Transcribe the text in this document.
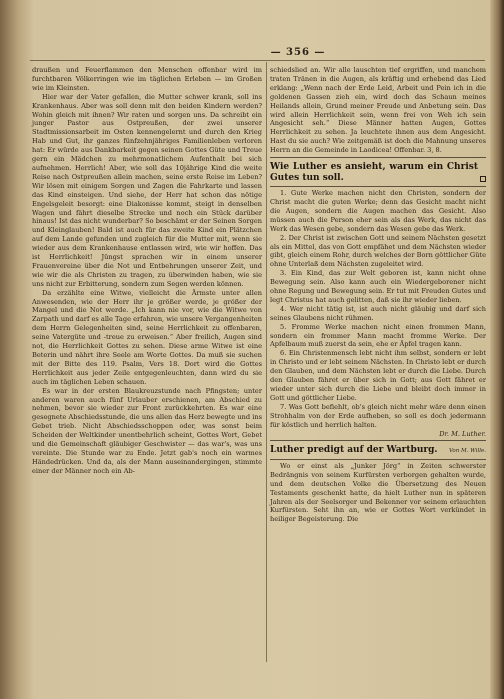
— 356 —

draußen und Feuerflammen den Menschen offenbar wird im furchtbaren Völkerringen wie im täglichen Erleben — im Großen wie im Kleinsten.

Hier war der Vater gefallen, die Mutter schwer krank, soll ins Krankenhaus. Aber was soll denn mit den beiden Kindern werden? Wohin gleich mit ihnen? Wir raten und sorgen uns. Da schreibt ein junger Pastor aus Ostpreußen, der zwei unserer Stadtmissionsarbeit im Osten kennengelernt und durch den Krieg Hab und Gut, ihr ganzes fünfzehnjähriges Familienleben verloren hat: Er würde aus Dankbarkeit gegen seinen Gottes Güte und Treue gern ein Mädchen zu mehrmonatlichem Aufenthalt bei sich aufnehmen. Herrlich! Aber, wie soll das 10jährige Kind die weite Reise nach Ostpreußen allein machen, seine erste Reise im Leben? Wir lösen mit einigem Sorgen und Zagen die Fahrkarte und lassen das Kind einsteigen. Und siehe, der Herr hat schon das nötige Engelsgeleit besorgt: eine Diakonisse kommt, steigt in denselben Wagen und fährt dieselbe Strecke und noch ein Stück darüber hinaus! Ist das nicht wunderbar? So beschämt er der Seinen Sorgen und Kleinglauben! Bald ist auch für das zweite Kind ein Plätzchen auf dem Lande gefunden und zugleich für die Mutter mit, wenn sie wieder aus dem Krankenhause entlassen wird, wie wir hoffen. Das ist Herrlichkeit! Jüngst sprachen wir in einem unserer Frauenvereine über die Not und Entbehrungen unserer Zeit, und wie wir die als Christen zu tragen, zu überwinden haben, wie sie uns nicht zur Erbitterung, sondern zum Segen werden können.

Da erzählte eine Witwe, vielleicht die Ärmste unter allen Anwesenden, wie der Herr ihr je größer werde, je größer der Mangel und die Not werde. „Ich kann nie vor, wie die Witwe von Zarpath und darf es alle Tage erfahren, wie unsere Vergangenheiten dem Herrn Gelegenheiten sind, seine Herrlichkeit zu offenbaren, seine Vatergüte und -treue zu erweisen.“ Aber freilich, Augen sind not, die Herrlichkeit Gottes zu sehen. Diese arme Witwe ist eine Beterin und nährt ihre Seele am Worte Gottes. Da muß sie suchen mit der Bitte des 119. Psalm, Vers 18. Dort wird die Gottes Herrlichkeit aus jeder Zeile entgegenleuchten, dann wird du sie auch im täglichen Leben schauen.

Es war in der ersten Blaukreuzstunde nach Pfingsten; unter anderen waren auch fünf Urlauber erschienen, am Abschied zu nehmen, bevor sie wieder zur Front zurückkehrten. Es war eine gesegnete Abschiedsstunde, die uns allen das Herz bewegte und ins Gebet trieb. Nicht Abschiedsschoppen oder, was sonst beim Scheiden der Weltkinder unentbehrlich scheint, Gottes Wort, Gebet und die Gemeinschaft gläubiger Geschwister — das war's, was uns vereinte. Die Stunde war zu Ende. Jetzt gab's noch ein warmes Händedrücken. Und da, als der Mann auseinandergingen, stimmte einer der Männer noch ein Ab-

schiedslied an. Wir alle lauschten tief ergriffen, und manchem traten Tränen in die Augen, als kräftig und erhebend das Lied erklang: „Wenn nach der Erde Leid, Arbeit und Pein ich in die goldenen Gassen zieh ein, wird doch das Schaun meines Heilands allein, Grund meiner Freude und Anbetung sein. Das wird allein Herrlichkeit sein, wenn frei von Weh ich sein Angesicht seh.“ Diese Männer hatten Augen, Gottes Herrlichkeit zu sehen. Ja leuchtete ihnen aus dem Angesicht. Hast du sie auch? Wie zeitgemäß ist doch die Mahnung unseres Herrn an die Gemeinde in Laodicea! Offenbar. 3, 8.

Wie Luther es ansieht, warum ein Christ Gutes tun soll.

1. Gute Werke machen nicht den Christen, sondern der Christ macht die guten Werke; denn das Gesicht macht nicht die Augen, sondern die Augen machen das Gesicht. Also müssen auch die Person eher sein als das Werk, das nicht das Werk das Wesen gebe, sondern das Wesen gebe das Werk.

2. Der Christ ist zwischen Gott und seinem Nächsten gesetzt als ein Mittel, das von Gott empfähet und dem Nächsten wieder gibt, gleich einem Rohr, durch welches der Born göttlicher Güte ohne Unterlaß dem Nächsten zugeleitet wird.

3. Ein Kind, das zur Welt geboren ist, kann nicht ohne Bewegung sein. Also kann auch ein Wiedergeborener nicht ohne Regung und Bewegung sein. Er tut mit Freuden Gutes und legt Christus hat auch gelitten, daß sie ihr wieder lieben.

4. Wer nicht tätig ist, ist auch nicht gläubig und darf sich seines Glaubens nicht rühmen.

5. Fromme Werke machen nicht einen frommen Mann, sondern ein frommer Mann macht fromme Werke. Der Apfelbaum muß zuerst da sein, ehe er Äpfel tragen kann.

6. Ein Christenmensch lebt nicht ihm selbst, sondern er lebt in Christo und er lebt seinem Nächsten. In Christo lebt er durch den Glauben, und dem Nächsten lebt er durch die Liebe. Durch den Glauben fähret er über sich in Gott; aus Gott fähret er wieder unter sich durch die Liebe und bleibt doch immer in Gott und göttlicher Liebe.

7. Was Gott befiehlt, ob's gleich nicht mehr wäre denn einen Strohhalm von der Erde aufheben, so soll es doch jedermann für köstlich und herrlich halten.

Dr. M. Luther.

Luther predigt auf der Wartburg.	Von M. Wille.

Wo er einst als „Junker Jörg“ in Zeiten schwerster Bedrängnis von seinem Kurfürsten verborgen gehalten wurde, und dem deutschen Volke die Übersetzung des Neuen Testaments geschenkt hatte, da hielt Luther nun in späteren Jahren als der Seelsorger und Bekenner vor seinem erlauchten Kurfürsten. Seht ihn an, wie er Gottes Wort verkündet in heiliger Begeisterung. Die
